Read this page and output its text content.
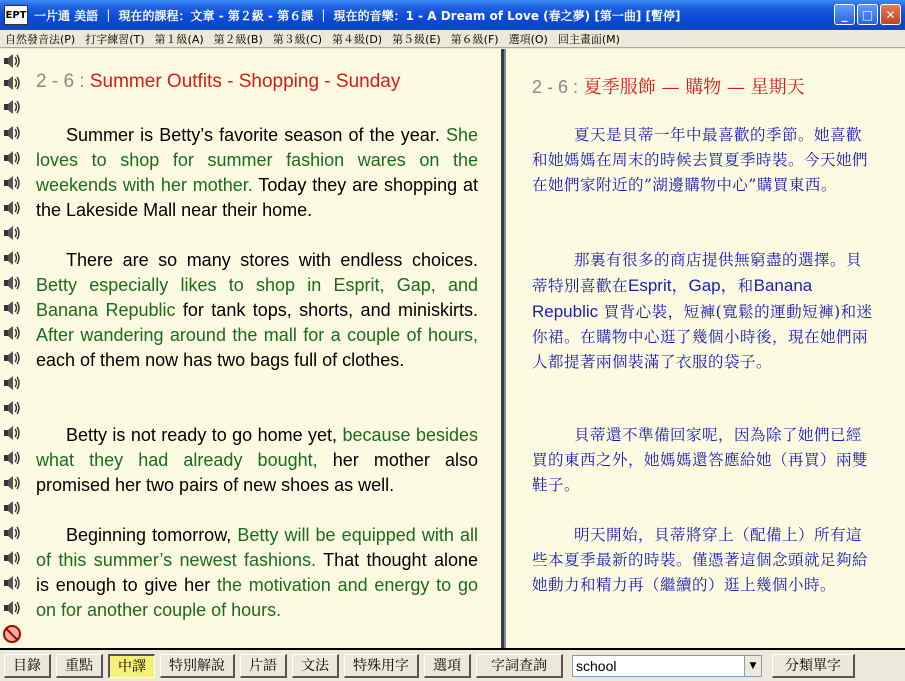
EPT 一片通 美語 ｜ 現在的課程：文章 - 第２級 - 第６課 ｜ 現在的音樂：1 - A Dream of Love (春之夢) [第一曲] [暫停]	_ □ ✕
自然發音法(P) 打字練習(T) 第１級(A) 第２級(B) 第３級(C) 第４級(D) 第５級(E) 第６級(F) 選項(O) 回主畫面(M)
2 - 6 : Summer Outfits - Shopping - Sunday
Summer is Betty’s favorite season of the year. She loves to shop for summer fashion wares on the weekends with her mother. Today they are shopping at the Lakeside Mall near their home.
There are so many stores with endless choices. Betty especially likes to shop in Esprit, Gap, and Banana Republic for tank tops, shorts, and miniskirts. After wandering around the mall for a couple of hours, each of them now has two bags full of clothes.
Betty is not ready to go home yet, because besides what they had already bought, her mother also promised her two pairs of new shoes as well.
Beginning tomorrow, Betty will be equipped with all of this summer’s newest fashions. That thought alone is enough to give her the motivation and energy to go on for another couple of hours.
2 - 6 : 夏季服飾 — 購物 — 星期天
夏天是貝蒂一年中最喜歡的季節。她喜歡和她媽媽在周末的時候去買夏季時裝。今天她們在她們家附近的”湖邊購物中心”購買東西。
那裏有很多的商店提供無窮盡的選擇。貝蒂特別喜歡在Esprit，Gap，和Banana Republic 買背心裝，短褲(寬鬆的運動短褲)和迷你裙。在購物中心逛了幾個小時後，現在她們兩人都提著兩個裝滿了衣服的袋子。
貝蒂還不準備回家呢，因為除了她們已經買的東西之外，她媽媽還答應給她（再買）兩雙鞋子。
明天開始，貝蒂將穿上（配備上）所有這些本夏季最新的時裝。僅憑著這個念頭就足夠給她動力和精力再（繼續的）逛上幾個小時。
目錄	重點	中譯	特別解說	片語	文法	特殊用字	選項	字詞查詢	school	▼	分類單字
